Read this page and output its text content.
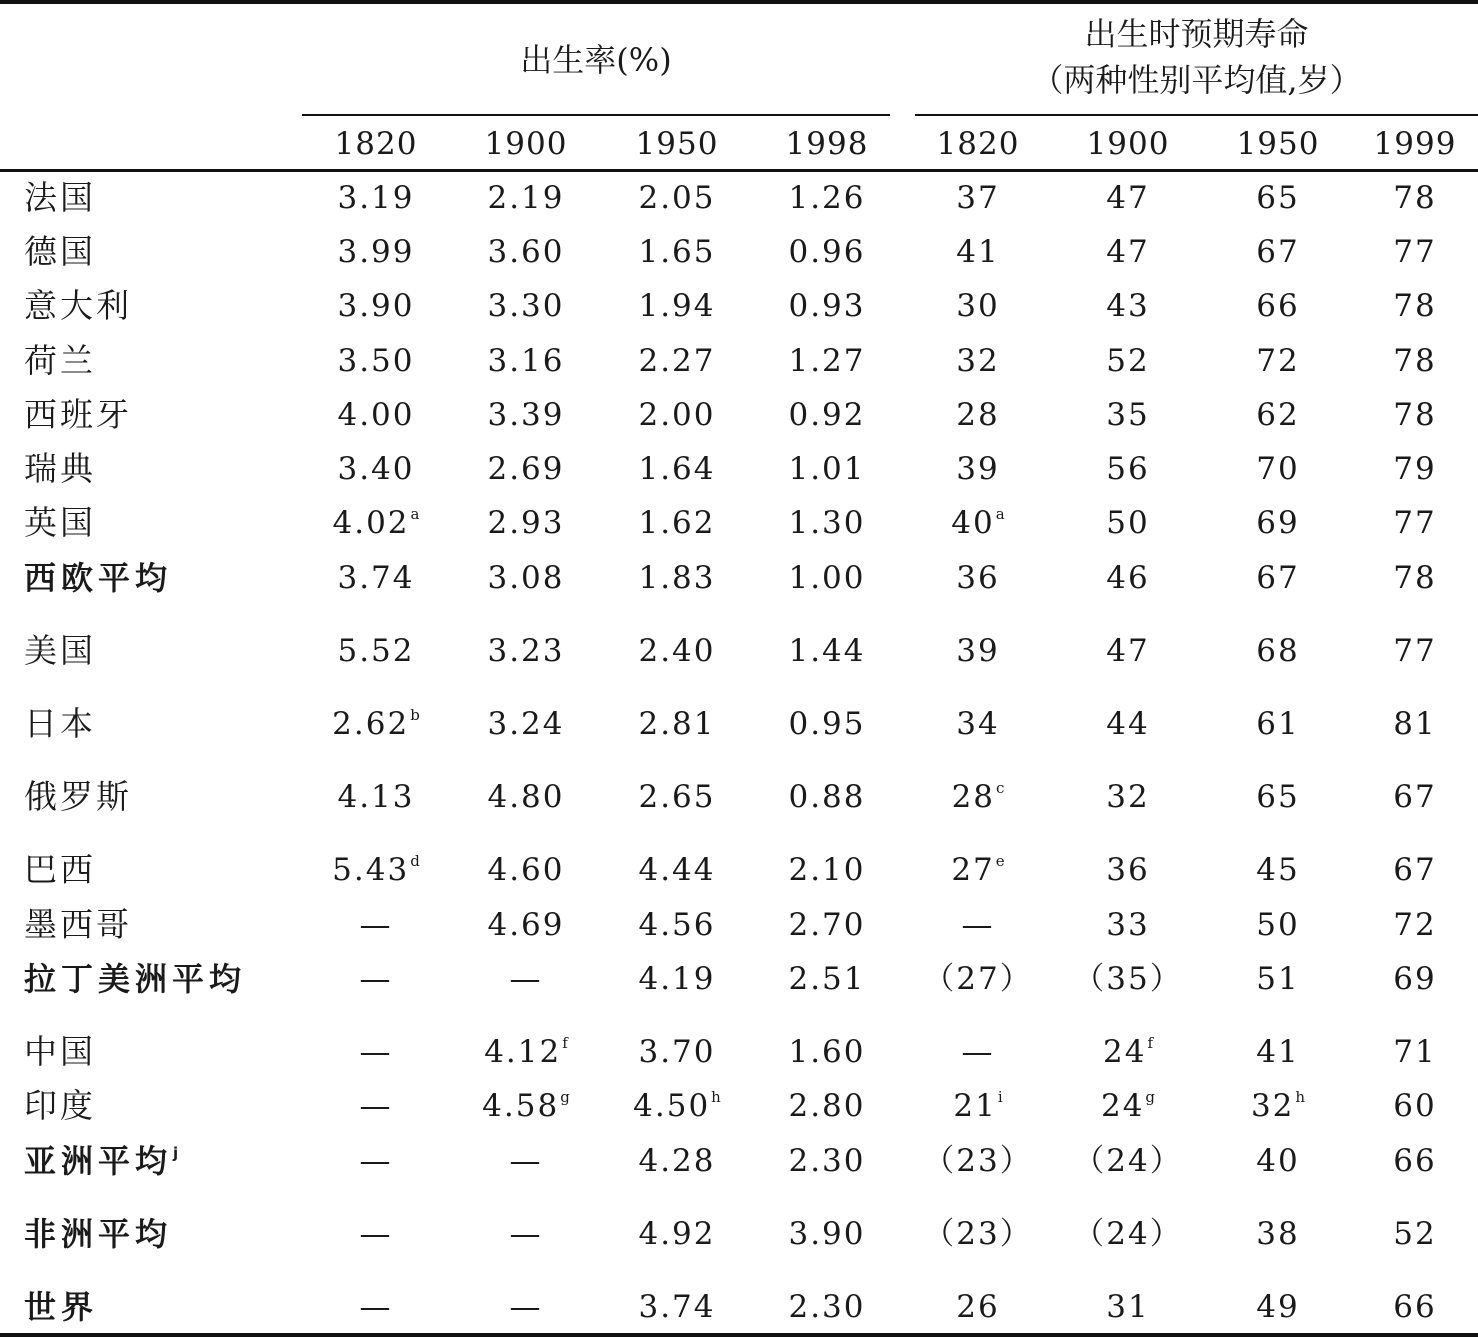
出生率(%)
出生时预期寿命
（两种性别平均值,岁）
1820	1900	1950	1998	1820	1900	1950	1999
法国	3.19	2.19	2.05	1.26	37	47	65	78
德国	3.99	3.60	1.65	0.96	41	47	67	77
意大利	3.90	3.30	1.94	0.93	30	43	66	78
荷兰	3.50	3.16	2.27	1.27	32	52	72	78
西班牙	4.00	3.39	2.00	0.92	28	35	62	78
瑞典	3.40	2.69	1.64	1.01	39	56	70	79
英国	4.02$^a$	2.93	1.62	1.30	40$^a$	50	69	77
西欧平均	3.74	3.08	1.83	1.00	36	46	67	78
美国	5.52	3.23	2.40	1.44	39	47	68	77
日本	2.62$^b$	3.24	2.81	0.95	34	44	61	81
俄罗斯	4.13	4.80	2.65	0.88	28$^c$	32	65	67
巴西	5.43$^d$	4.60	4.44	2.10	27e	36	45	67
墨西哥	—	4.69	4.56	2.70	—	33	50	72
拉丁美洲平均	—	—	4.19	2.51	（27）	（35）	51	69
中国	—	4.12$^f$	3.70	1.60	—	24$^f$	41	71
印度	—	4.58$^g$	4.50$^h$	2.80	21$^i$	24$^g$	32$^h$	60
亚洲平均$^j$	—	—	4.28	2.30	（23）	（24）	40	66
非洲平均	—	—	4.92	3.90	（23）	（24）	38	52
世界	—	—	3.74	2.30	26	31	49	66
